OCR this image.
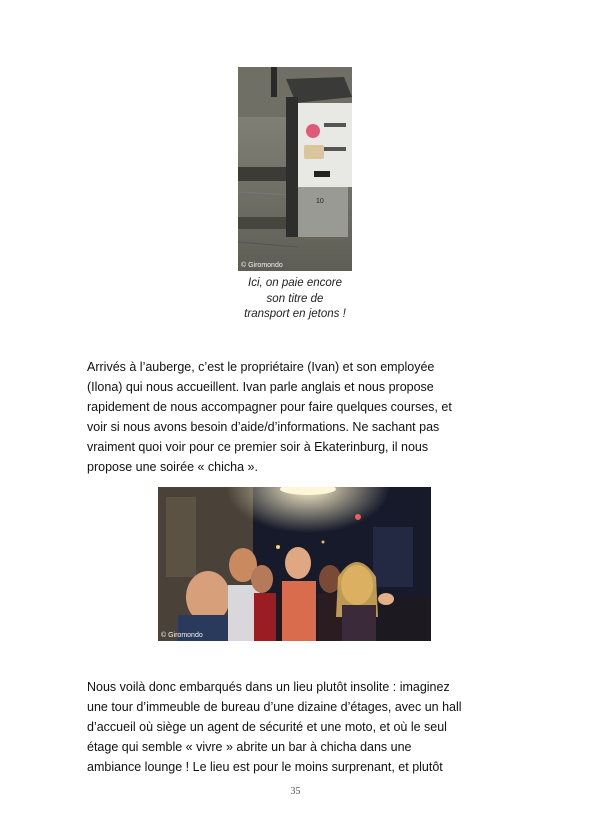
10
© Giromondo
Ici, on paie encore
son titre de
transport en jetons !
Arrivés à l’auberge, c’est le propriétaire (Ivan) et son employée
(Ilona) qui nous accueillent. Ivan parle anglais et nous propose
rapidement de nous accompagner pour faire quelques courses, et
voir si nous avons besoin d’aide/d’informations. Ne sachant pas
vraiment quoi voir pour ce premier soir à Ekaterinburg, il nous
propose une soirée « chicha ».
© Giromondo
Nous voilà donc embarqués dans un lieu plutôt insolite : imaginez
une tour d’immeuble de bureau d’une dizaine d’étages, avec un hall
d’accueil où siège un agent de sécurité et une moto, et où le seul
étage qui semble « vivre » abrite un bar à chicha dans une
ambiance lounge ! Le lieu est pour le moins surprenant, et plutôt
35
